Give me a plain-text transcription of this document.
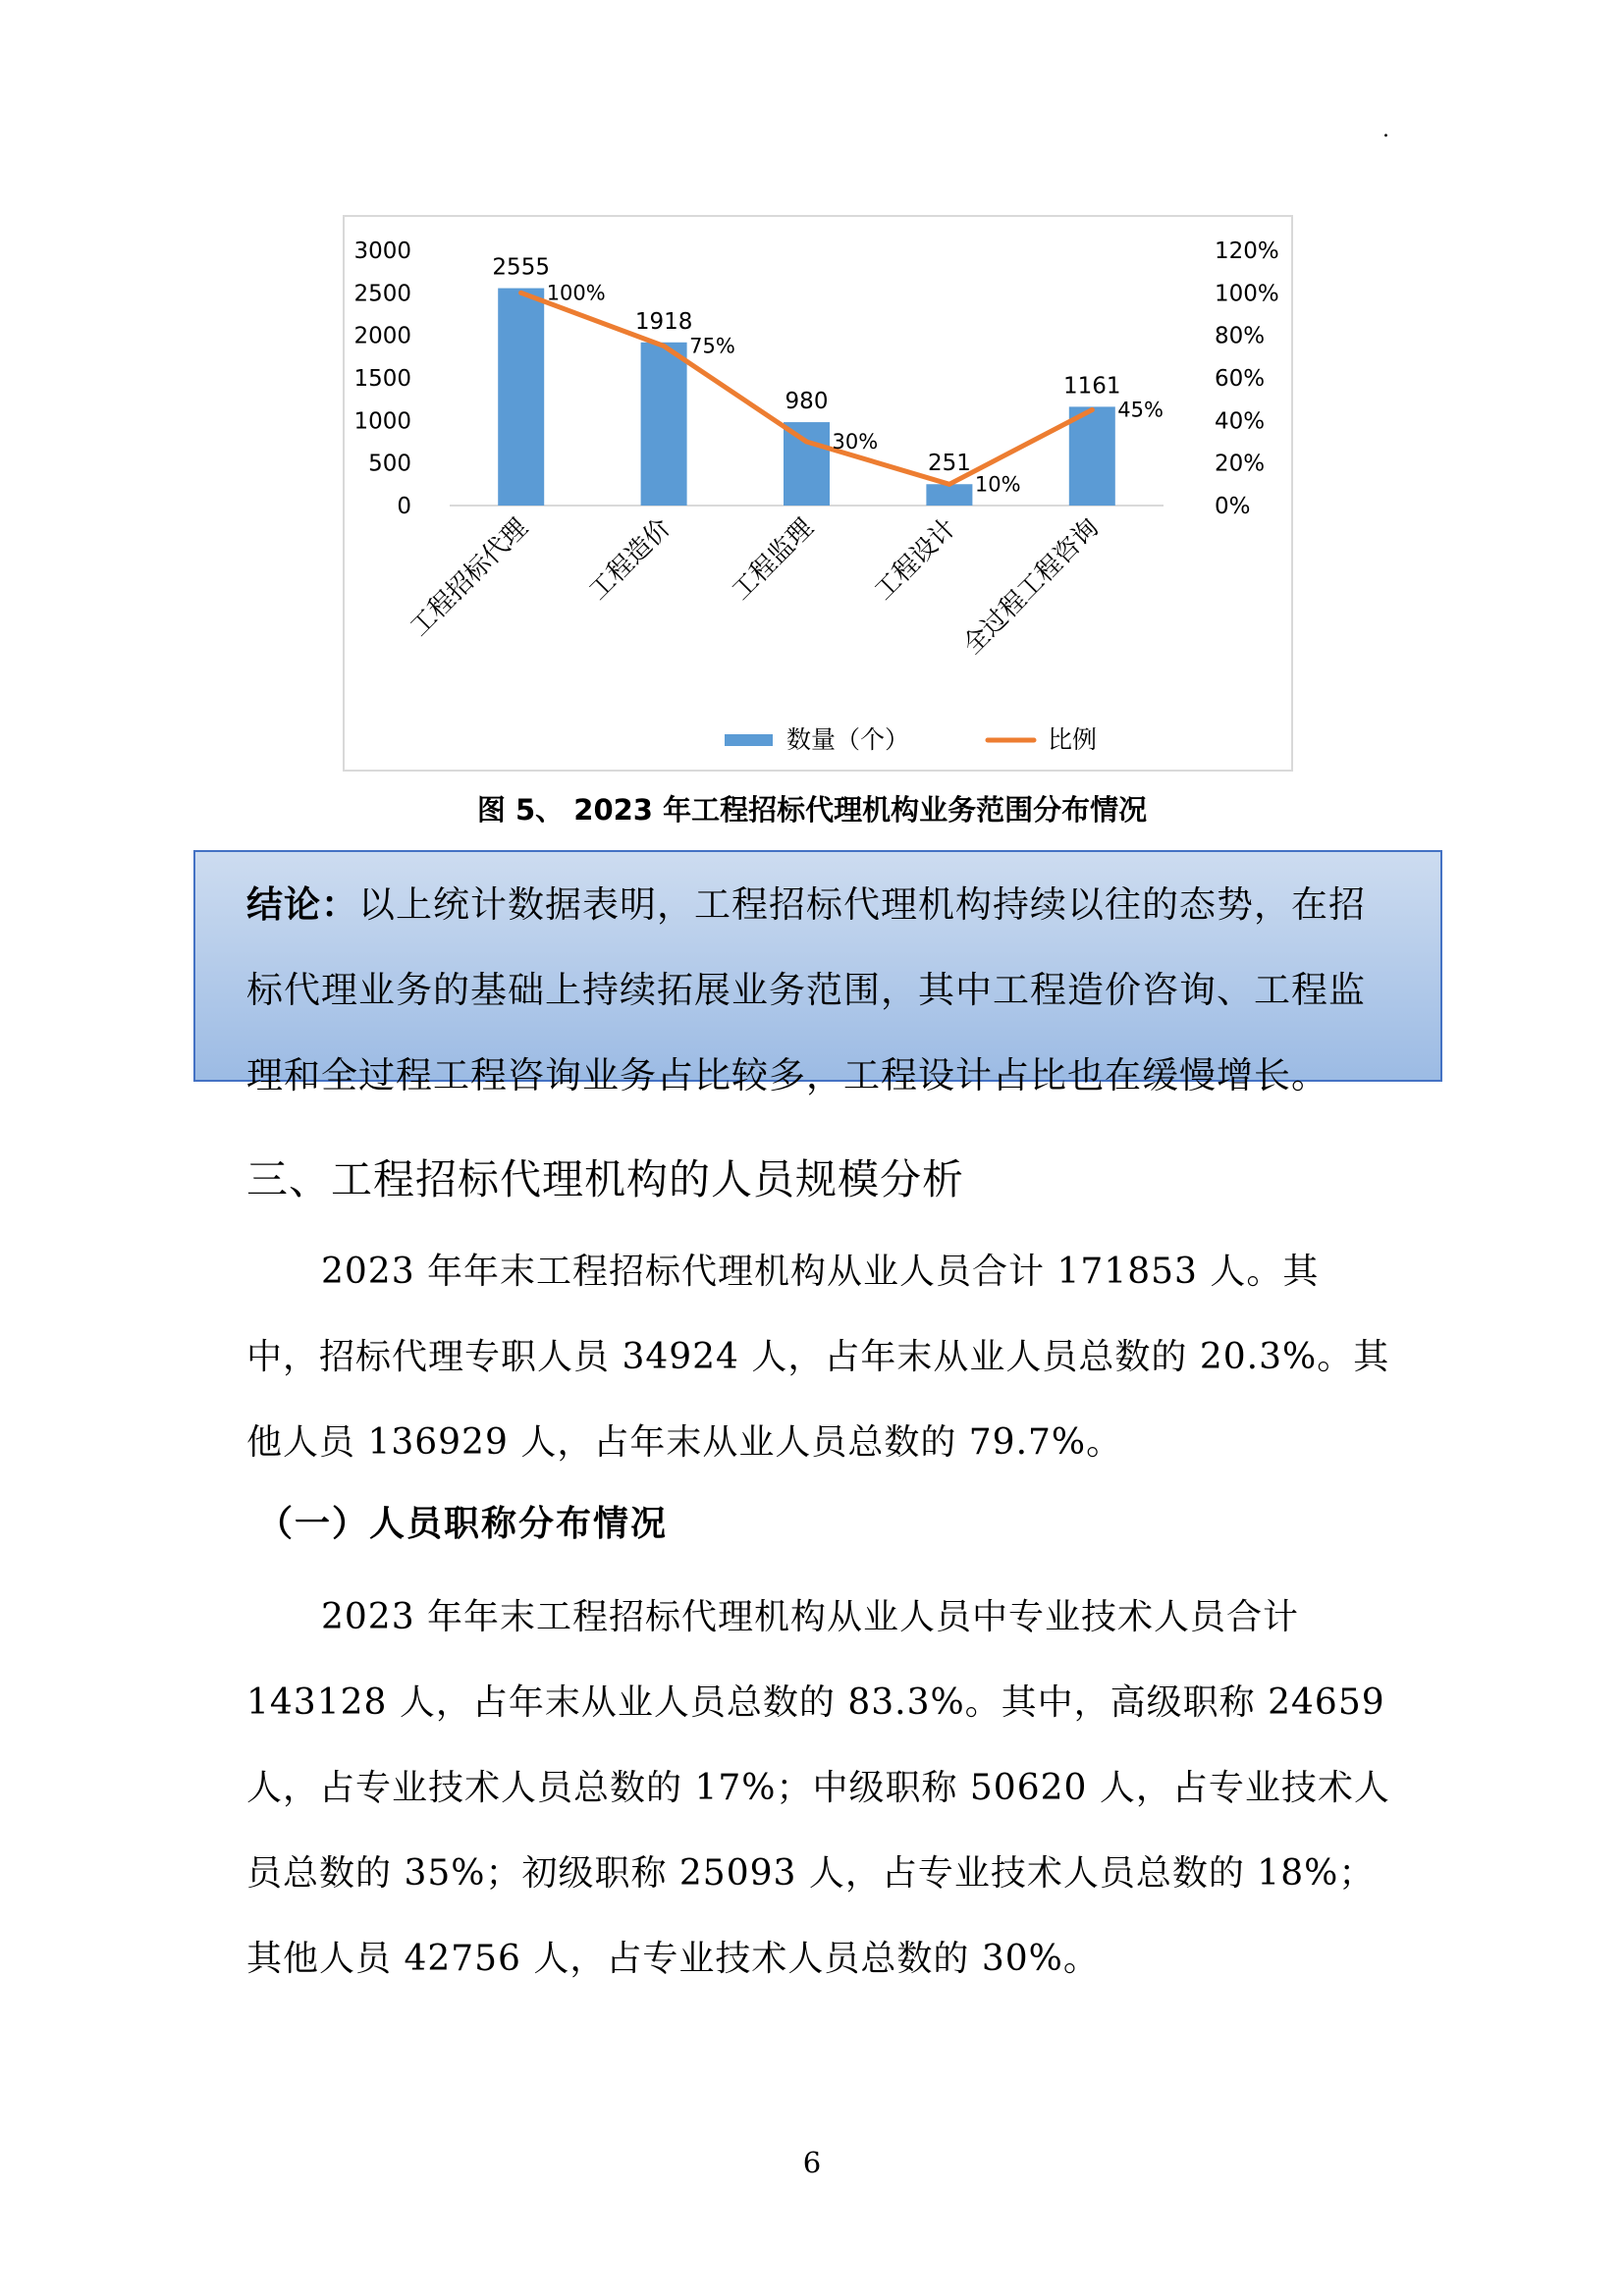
.
0
500
1000
1500
2000
2500
3000
0%
20%
40%
60%
80%
100%
120%
2555
1918
980
251
1161
100%
75%
30%
10%
45%
工程招标代理 工程造价 工程监理 工程设计
全过程工程咨询
数量（个）	比例
图 5、 2023 年工程招标代理机构业务范围分布情况
结论：以上统计数据表明，工程招标代理机构持续以往的态势，在招标代理业务的基础上持续拓展业务范围，其中工程造价咨询、工程监理和全过程工程咨询业务占比较多，工程设计占比也在缓慢增长。
三、工程招标代理机构的人员规模分析

2023 年年末工程招标代理机构从业人员合计 171853 人。其中，招标代理专职人员 34924 人，占年末从业人员总数的 20.3%。其他人员 136929 人，占年末从业人员总数的 79.7%。

（一）人员职称分布情况

2023 年年末工程招标代理机构从业人员中专业技术人员合计 143128 人，占年末从业人员总数的 83.3%。其中，高级职称 24659 人，占专业技术人员总数的 17%；中级职称 50620 人，占专业技术人员总数的 35%；初级职称 25093 人，占专业技术人员总数的 18%；其他人员 42756 人，占专业技术人员总数的 30%。

6
